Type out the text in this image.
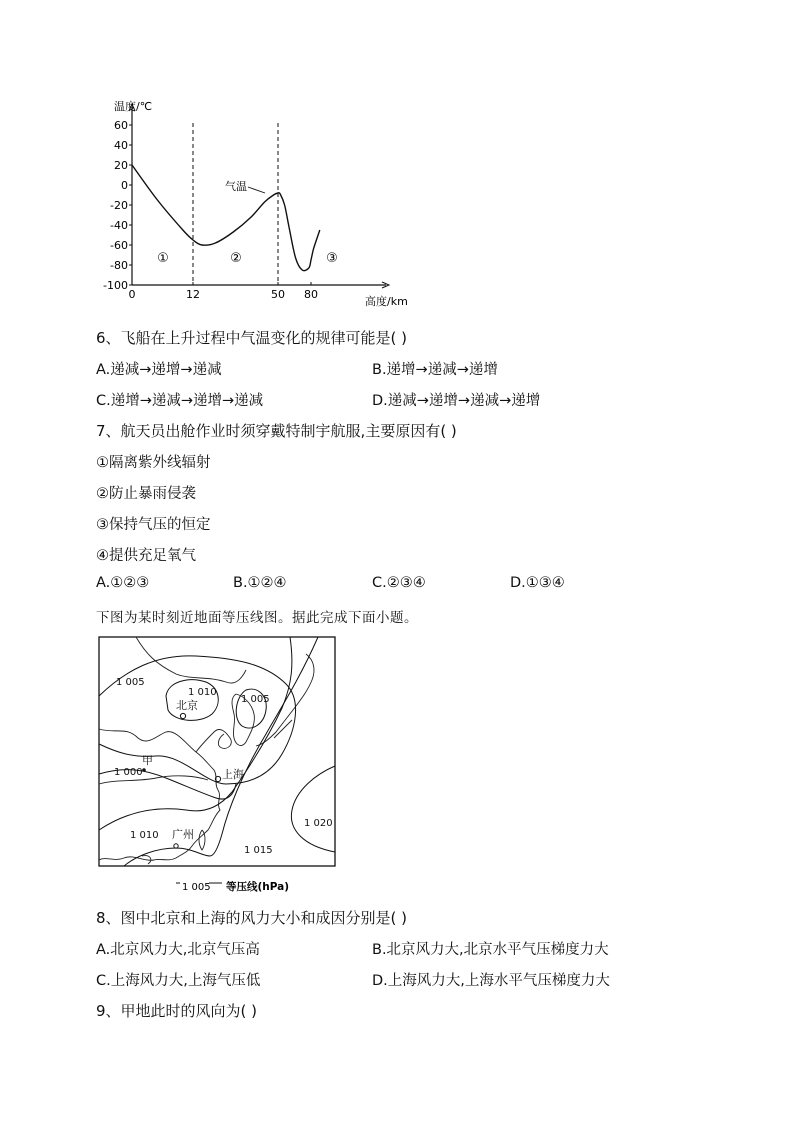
温度/℃
高度/km
60
40
20
0
-20
-40
-60
-80
-100
0	12	50 80
气温
①	②	③
6、飞船在上升过程中气温变化的规律可能是( )
A.递减→递增→递减	B.递增→递减→递增
C.递增→递减→递增→递减	D.递减→递增→递减→递增
7、航天员出舱作业时须穿戴特制宇航服,主要原因有( )
①隔离紫外线辐射
②防止暴雨侵袭
③保持气压的恒定
④提供充足氧气
A.①②③	B.①②④	C.②③④	D.①③④
下图为某时刻近地面等压线图。据此完成下面小题。
1 005
1 010
北京	1 005
甲
1 000	上海
1 010 广州
1 015
1 020
1 005 等压线(hPa)
8、图中北京和上海的风力大小和成因分别是( )
A.北京风力大,北京气压高	B.北京风力大,北京水平气压梯度力大
C.上海风力大,上海气压低	D.上海风力大,上海水平气压梯度力大
9、甲地此时的风向为( )
